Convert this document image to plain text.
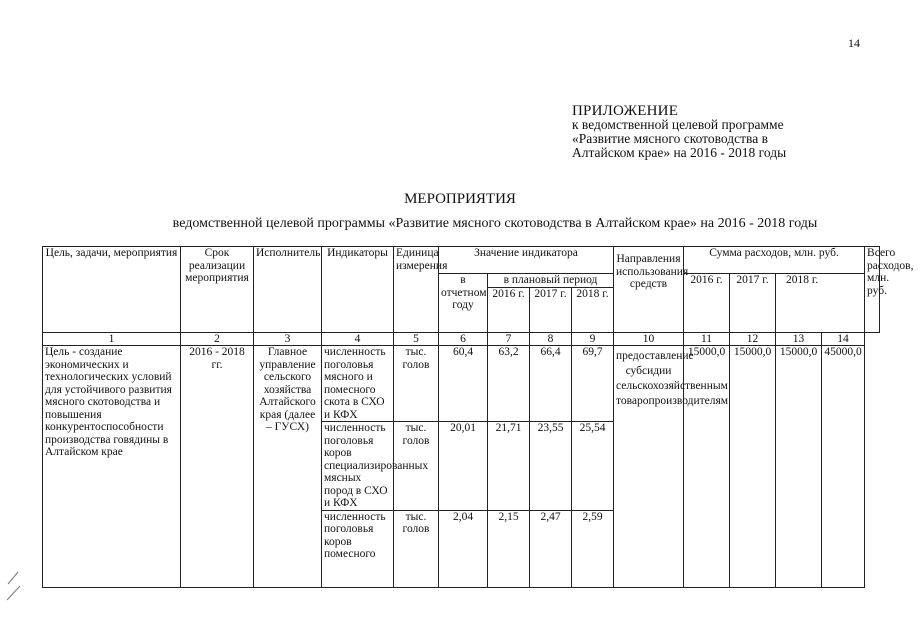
14
ПРИЛОЖЕНИЕ
к ведомственной целевой программе
«Развитие мясного скотоводства в
Алтайском крае» на 2016 - 2018 годы
МЕРОПРИЯТИЯ
ведомственной целевой программы «Развитие мясного скотоводства в Алтайском крае» на 2016 - 2018 годы
Цель, задачи, мероприятия	Срок реализации мероприятия	Исполнитель	Индикаторы	Единица измерения	Значение индикатора				Направления использования средств	Сумма расходов, млн. руб.				Всего расходов, млн. руб.
					в отчетном году	в плановый период				2016 г.	2017 г.	2018 г.		
						2016 г.	2017 г.	2018 г.						
1	2	3	4	5	6	7	8	9	10	11	12	13	14	
Цель - создание экономических и технологических условий для устойчивого развития мясного скотоводства и повышения конкурентоспособности производства говядины в Алтайском крае	2016 - 2018 гг.	Главное управление сельского хозяйства Алтайского края (далее – ГУСХ)	численность поголовья мясного и помесного скота в СХО и КФХ	тыс. голов	60,4	63,2	66,4	69,7	предоставление субсидии сельскохозяйственным товаропроизводителям	15000,0	15000,0	15000,0	45000,0	
			численность поголовья коров специализированных мясных пород в СХО и КФХ	тыс. голов	20,01	21,71	23,55	25,54						
			численность поголовья коров помесного	тыс. голов	2,04	2,15	2,47	2,59						
